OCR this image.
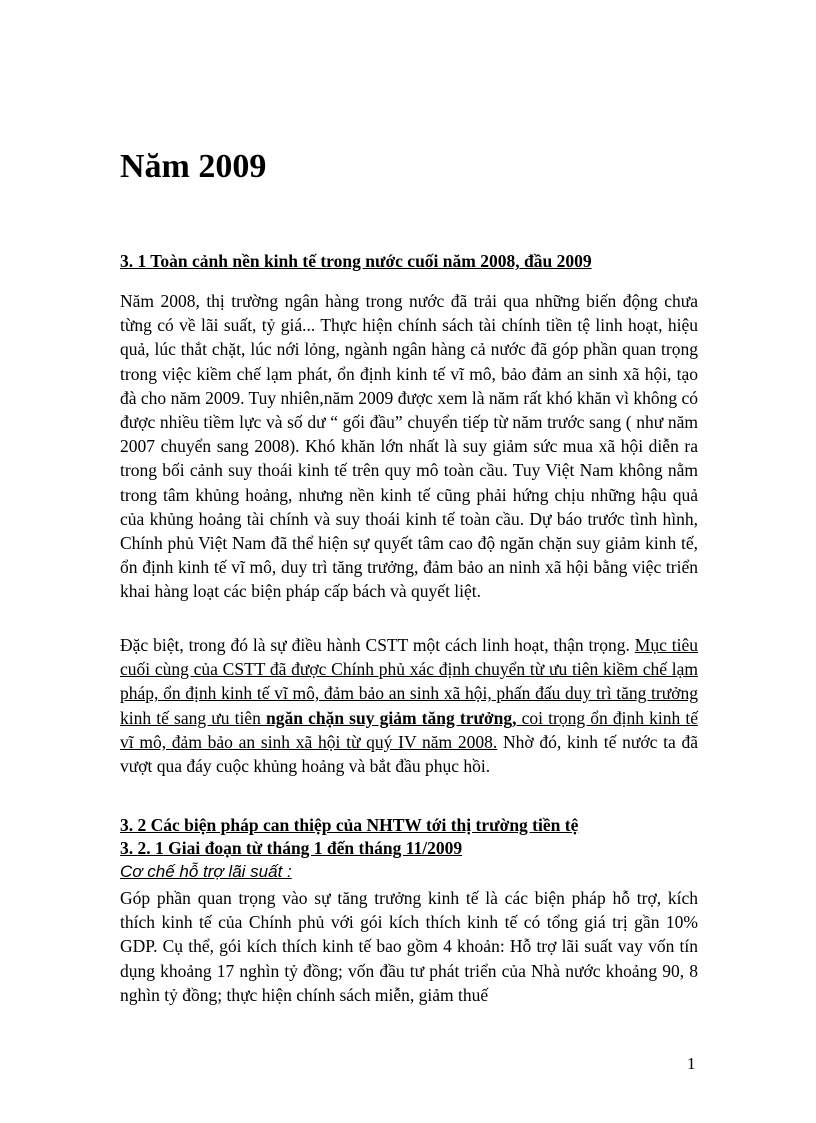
Năm 2009
3. 1 Toàn cảnh nền kinh tế trong nước cuối năm 2008, đầu 2009

Năm 2008, thị trường ngân hàng trong nước đã trải qua những biến động chưa từng có về lãi suất, tỷ giá... Thực hiện chính sách tài chính tiền tệ linh hoạt, hiệu quả, lúc thắt chặt, lúc nới lỏng, ngành ngân hàng cả nước đã góp phần quan trọng trong việc kiềm chế lạm phát, ổn định kinh tế vĩ mô, bảo đảm an sinh xã hội, tạo đà cho năm 2009. Tuy nhiên,năm 2009 được xem là năm rất khó khăn vì không có được nhiều tiềm lực và số dư “ gối đầu” chuyển tiếp từ năm trước sang ( như năm 2007 chuyển sang 2008). Khó khăn lớn nhất là suy giảm sức mua xã hội diễn ra trong bối cảnh suy thoái kinh tế trên quy mô toàn cầu. Tuy Việt Nam không nằm trong tâm khủng hoảng, nhưng nền kinh tế cũng phải hứng chịu những hậu quả của khủng hoảng tài chính và suy thoái kinh tế toàn cầu. Dự báo trước tình hình, Chính phủ Việt Nam đã thể hiện sự quyết tâm cao độ ngăn chặn suy giảm kinh tế, ổn định kinh tế vĩ mô, duy trì tăng trưởng, đảm bảo an ninh xã hội bằng việc triển khai hàng loạt các biện pháp cấp bách và quyết liệt.

Đặc biệt, trong đó là sự điều hành CSTT một cách linh hoạt, thận trọng. Mục tiêu cuối cùng của CSTT đã được Chính phủ xác định chuyển từ ưu tiên kiềm chế lạm pháp, ổn định kinh tế vĩ mô, đảm bảo an sinh xã hội, phấn đấu duy trì tăng trưởng kinh tế sang ưu tiên ngăn chặn suy giảm tăng trưởng, coi trọng ổn định kinh tế vĩ mô, đảm bảo an sinh xã hội từ quý IV năm 2008. Nhờ đó, kinh tế nước ta đã vượt qua đáy cuộc khủng hoảng và bắt đầu phục hồi.

3. 2 Các biện pháp can thiệp của NHTW tới thị trường tiền tệ
3. 2. 1 Giai đoạn từ tháng 1 đến tháng 11/2009

Cơ chế hỗ trợ lãi suất :

Góp phần quan trọng vào sự tăng trưởng kinh tế là các biện pháp hỗ trợ, kích thích kinh tế của Chính phủ với gói kích thích kinh tế có tổng giá trị gần 10% GDP. Cụ thể, gói kích thích kinh tế bao gồm 4 khoản: Hỗ trợ lãi suất vay vốn tín dụng khoảng 17 nghìn tỷ đồng; vốn đầu tư phát triển của Nhà nước khoảng 90, 8 nghìn tỷ đồng; thực hiện chính sách miễn, giảm thuế

1
